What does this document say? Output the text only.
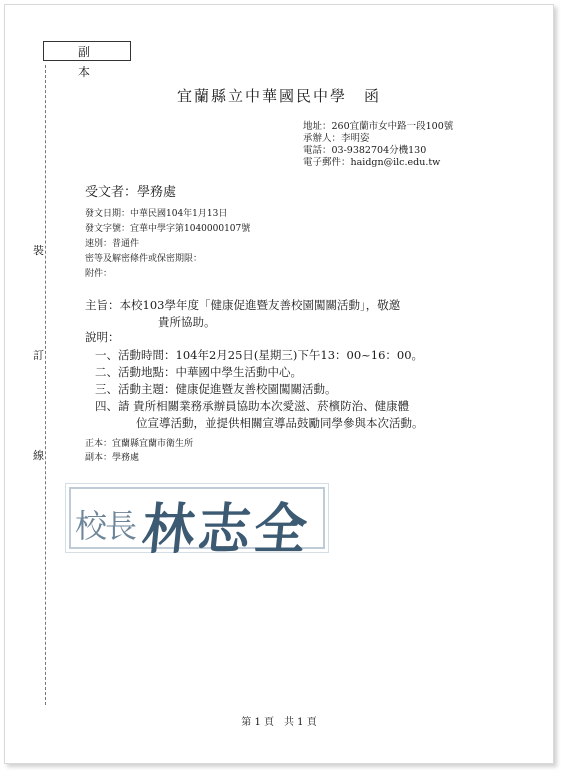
副本
裝
訂
線
宜蘭縣立中華國民中學　函
地址：260宜蘭市女中路一段100號
承辦人：李明姿
電話：03-9382704分機130
電子郵件：haidgn@ilc.edu.tw
受文者：學務處
發文日期：中華民國104年1月13日
發文字號：宜華中學字第1040000107號
速別：普通件
密等及解密條件或保密期限：
附件：
主旨：本校103學年度「健康促進暨友善校園闖關活動」，敬邀
貴所協助。
說明：
一、活動時間：104年2月25日(星期三)下午13：00~16：00。
二、活動地點：中華國中學生活動中心。
三、活動主題：健康促進暨友善校園闖關活動。
四、請 貴所相關業務承辦員協助本次愛滋、菸檳防治、健康體
位宣導活動，並提供相關宣導品鼓勵同學參與本次活動。
正本：宜蘭縣宜蘭市衛生所
副本：學務處
校長 林志全
第 1 頁　共 1 頁
